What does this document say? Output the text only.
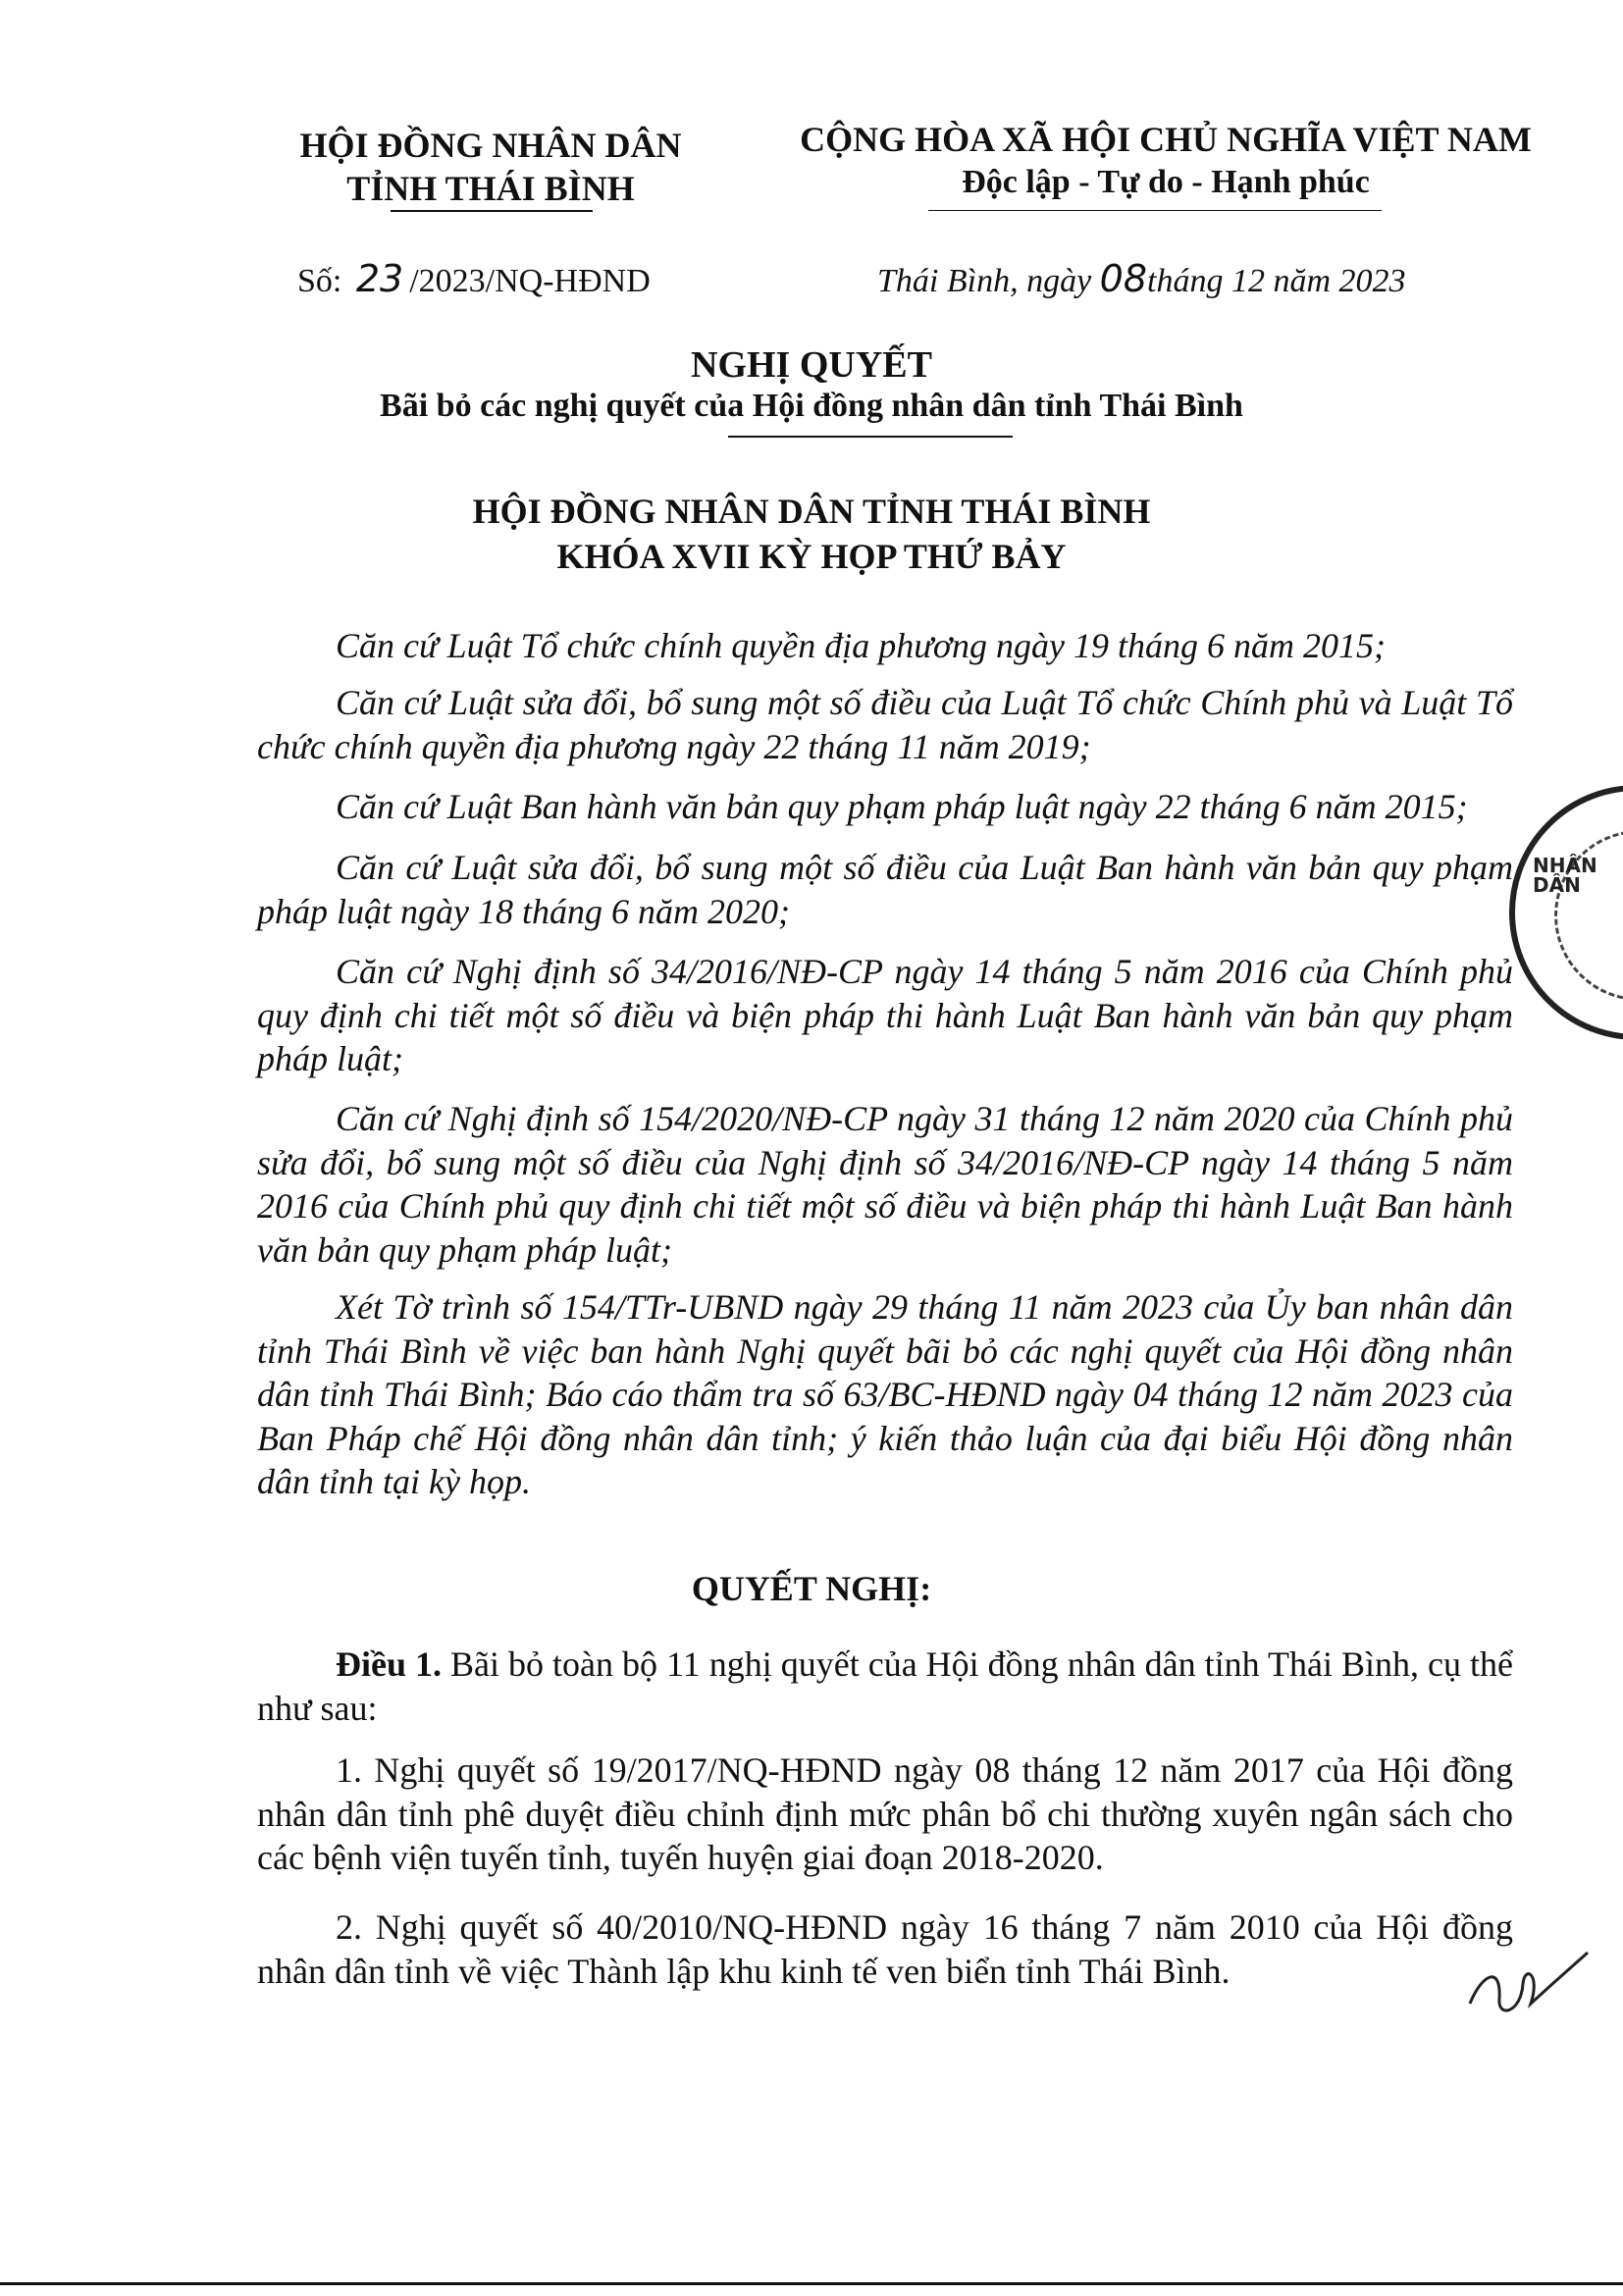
HỘI ĐỒNG NHÂN DÂN
TỈNH THÁI BÌNH
CỘNG HÒA XÃ HỘI CHỦ NGHĨA VIỆT NAM
Độc lập - Tự do - Hạnh phúc
Số: 23 /2023/NQ-HĐND	Thái Bình, ngày 08tháng 12 năm 2023
NGHỊ QUYẾT
Bãi bỏ các nghị quyết của Hội đồng nhân dân tỉnh Thái Bình
HỘI ĐỒNG NHÂN DÂN TỈNH THÁI BÌNH
KHÓA XVII KỲ HỌP THỨ BẢY
Căn cứ Luật Tổ chức chính quyền địa phương ngày 19 tháng 6 năm 2015;
Căn cứ Luật sửa đổi, bổ sung một số điều của Luật Tổ chức Chính phủ và Luật Tổ chức chính quyền địa phương ngày 22 tháng 11 năm 2019;
Căn cứ Luật Ban hành văn bản quy phạm pháp luật ngày 22 tháng 6 năm 2015;
Căn cứ Luật sửa đổi, bổ sung một số điều của Luật Ban hành văn bản quy phạm pháp luật ngày 18 tháng 6 năm 2020;
Căn cứ Nghị định số 34/2016/NĐ-CP ngày 14 tháng 5 năm 2016 của Chính phủ quy định chi tiết một số điều và biện pháp thi hành Luật Ban hành văn bản quy phạm pháp luật;
Căn cứ Nghị định số 154/2020/NĐ-CP ngày 31 tháng 12 năm 2020 của Chính phủ sửa đổi, bổ sung một số điều của Nghị định số 34/2016/NĐ-CP ngày 14 tháng 5 năm 2016 của Chính phủ quy định chi tiết một số điều và biện pháp thi hành Luật Ban hành văn bản quy phạm pháp luật;
Xét Tờ trình số 154/TTr-UBND ngày 29 tháng 11 năm 2023 của Ủy ban nhân dân tỉnh Thái Bình về việc ban hành Nghị quyết bãi bỏ các nghị quyết của Hội đồng nhân dân tỉnh Thái Bình; Báo cáo thẩm tra số 63/BC-HĐND ngày 04 tháng 12 năm 2023 của Ban Pháp chế Hội đồng nhân dân tỉnh; ý kiến thảo luận của đại biểu Hội đồng nhân dân tỉnh tại kỳ họp.
QUYẾT NGHỊ:
Điều 1. Bãi bỏ toàn bộ 11 nghị quyết của Hội đồng nhân dân tỉnh Thái Bình, cụ thể như sau:
1. Nghị quyết số 19/2017/NQ-HĐND ngày 08 tháng 12 năm 2017 của Hội đồng nhân dân tỉnh phê duyệt điều chỉnh định mức phân bổ chi thường xuyên ngân sách cho các bệnh viện tuyến tỉnh, tuyến huyện giai đoạn 2018-2020.
2. Nghị quyết số 40/2010/NQ-HĐND ngày 16 tháng 7 năm 2010 của Hội đồng nhân dân tỉnh về việc Thành lập khu kinh tế ven biển tỉnh Thái Bình.
NHÂN DÂN
